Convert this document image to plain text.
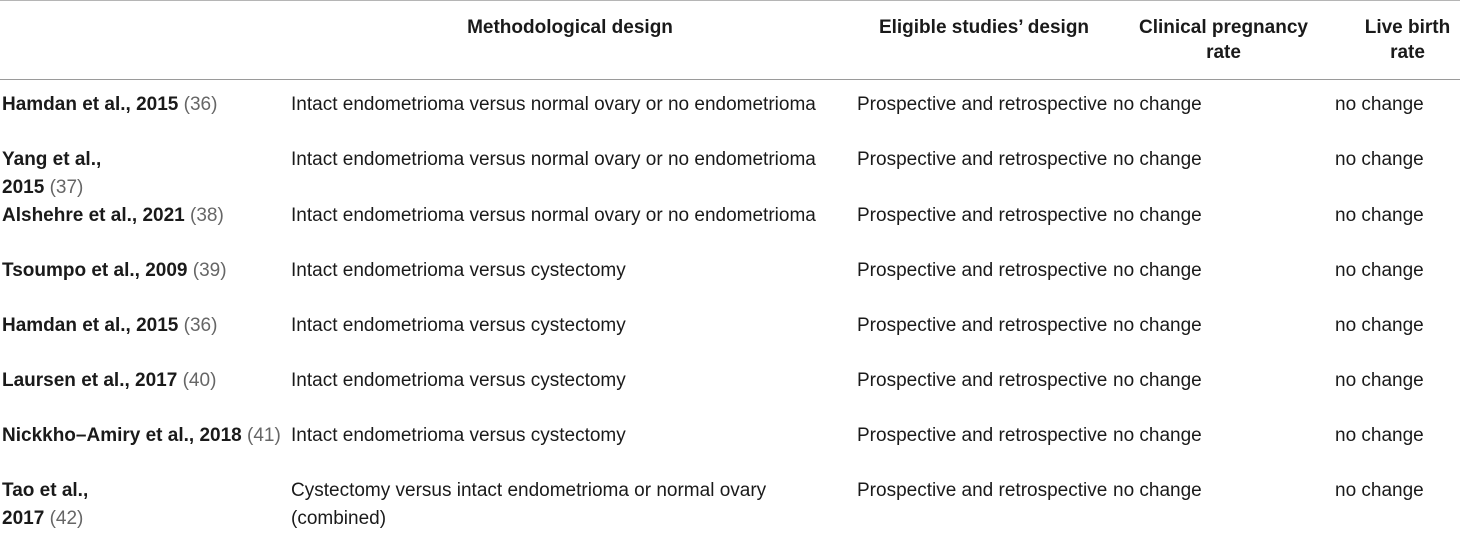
	Methodological design	Eligible studies’ design	Clinical pregnancy rate	Live birth rate
Hamdan et al., 2015 (36)	Intact endometrioma versus normal ovary or no endometrioma	Prospective and retrospective	no change	no change
Yang et al., 2015 (37)	Intact endometrioma versus normal ovary or no endometrioma	Prospective and retrospective	no change	no change
Alshehre et al., 2021 (38)	Intact endometrioma versus normal ovary or no endometrioma	Prospective and retrospective	no change	no change
Tsoumpo et al., 2009 (39)	Intact endometrioma versus cystectomy	Prospective and retrospective	no change	no change
Hamdan et al., 2015 (36)	Intact endometrioma versus cystectomy	Prospective and retrospective	no change	no change
Laursen et al., 2017 (40)	Intact endometrioma versus cystectomy	Prospective and retrospective	no change	no change
Nickkho–Amiry et al., 2018 (41)	Intact endometrioma versus cystectomy	Prospective and retrospective	no change	no change
Tao et al., 2017 (42)	Cystectomy versus intact endometrioma or normal ovary (combined)	Prospective and retrospective	no change	no change
